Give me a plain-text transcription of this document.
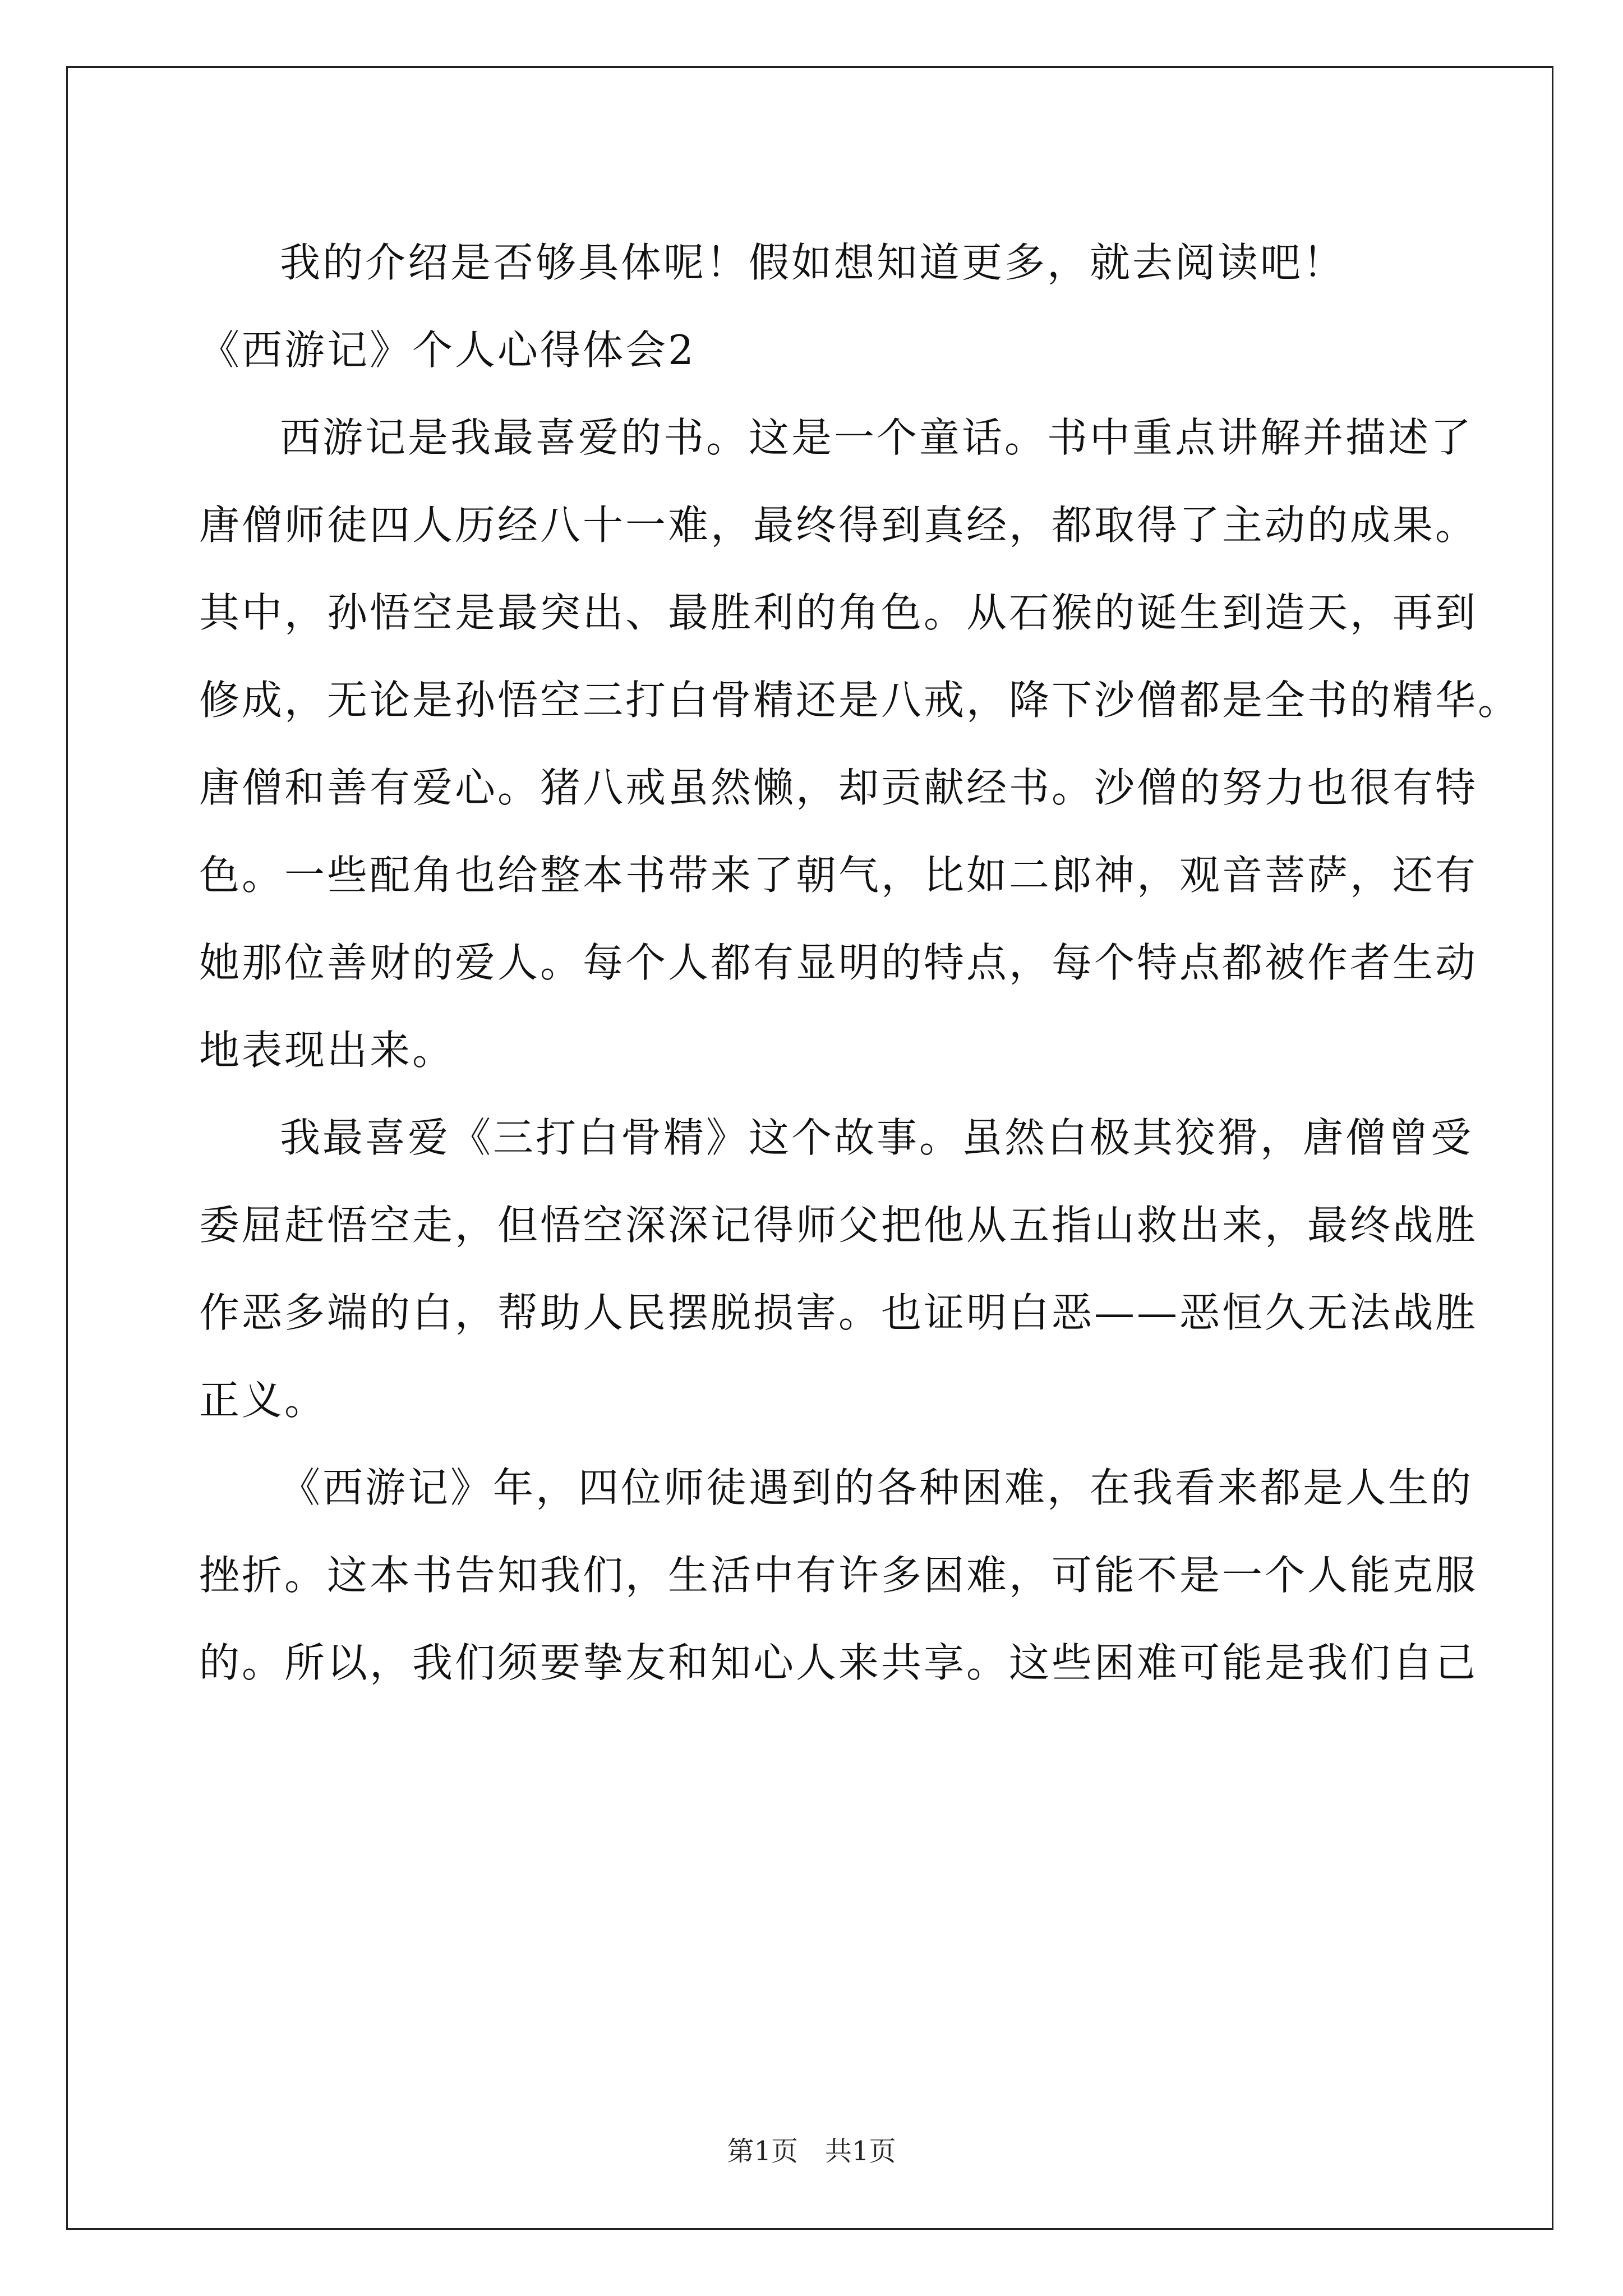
我的介绍是否够具体呢！假如想知道更多，就去阅读吧！
《西游记》个人心得体会2
西游记是我最喜爱的书。这是一个童话。书中重点讲解并描述了
唐僧师徒四人历经八十一难，最终得到真经，都取得了主动的成果。
其中，孙悟空是最突出、最胜利的角色。从石猴的诞生到造天，再到
修成，无论是孙悟空三打白骨精还是八戒，降下沙僧都是全书的精华。
唐僧和善有爱心。猪八戒虽然懒，却贡献经书。沙僧的努力也很有特
色。一些配角也给整本书带来了朝气，比如二郎神，观音菩萨，还有
她那位善财的爱人。每个人都有显明的特点，每个特点都被作者生动
地表现出来。
我最喜爱《三打白骨精》这个故事。虽然白极其狡猾，唐僧曾受
委屈赶悟空走，但悟空深深记得师父把他从五指山救出来，最终战胜
作恶多端的白，帮助人民摆脱损害。也证明白恶——恶恒久无法战胜
正义。
《西游记》年，四位师徒遇到的各种困难，在我看来都是人生的
挫折。这本书告知我们，生活中有许多困难，可能不是一个人能克服
的。所以，我们须要挚友和知心人来共享。这些困难可能是我们自己
第1页　共1页
